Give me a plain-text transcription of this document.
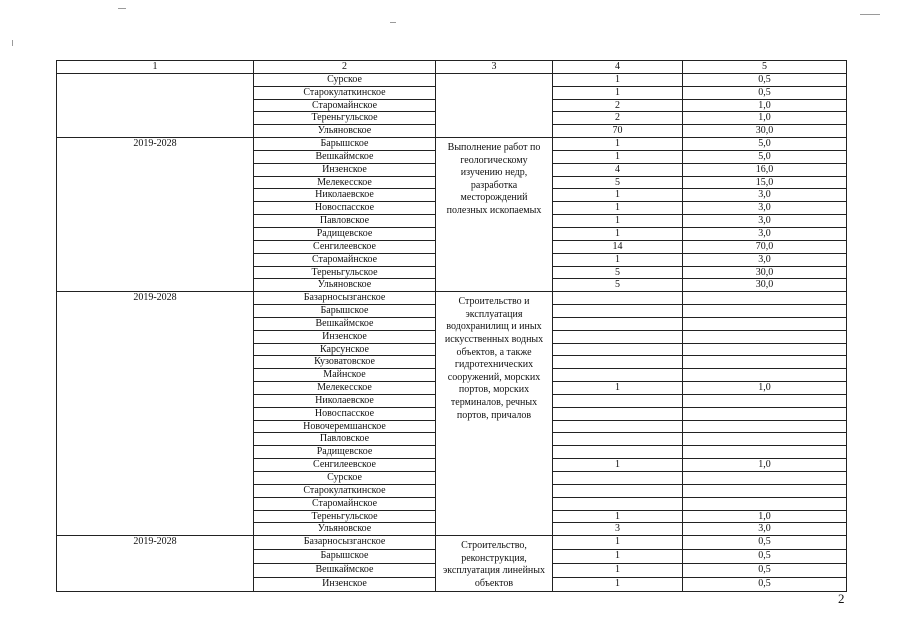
1	2	3	4	5
	Сурское		1	0,5
	Старокулаткинское		1	0,5
	Старомайнское		2	1,0
	Тереньгульское		2	1,0
	Ульяновское		70	30,0
2019-2028	Барышское	Выполнение работ по геологическому изучению недр, разработка месторождений полезных ископаемых	1	5,0
	Вешкаймское		1	5,0
	Инзенское		4	16,0
	Мелекесское		5	15,0
	Николаевское		1	3,0
	Новоспасское		1	3,0
	Павловское		1	3,0
	Радищевское		1	3,0
	Сенгилеевское		14	70,0
	Старомайнское		1	3,0
	Тереньгульское		5	30,0
	Ульяновское		5	30,0
2019-2028	Базарносызганское	Строительство и эксплуатация водохранилищ и иных искусственных водных объектов, а также гидротехнических сооружений, морских портов, морских терминалов, речных портов, причалов		
	Барышское			
	Вешкаймское			
	Инзенское			
	Карсунское			
	Кузоватовское			
	Майнское			
	Мелекесское		1	1,0
	Николаевское			
	Новоспасское			
	Новочеремшанское			
	Павловское			
	Радищевское			
	Сенгилеевское		1	1,0
	Сурское			
	Старокулаткинское			
	Старомайнское			
	Тереньгульское		1	1,0
	Ульяновское		3	3,0
2019-2028	Базарносызганское	Строительство, реконструкция, эксплуатация линейных объектов	1	0,5
	Барышское		1	0,5
	Вешкаймское		1	0,5
	Инзенское		1	0,5
2
